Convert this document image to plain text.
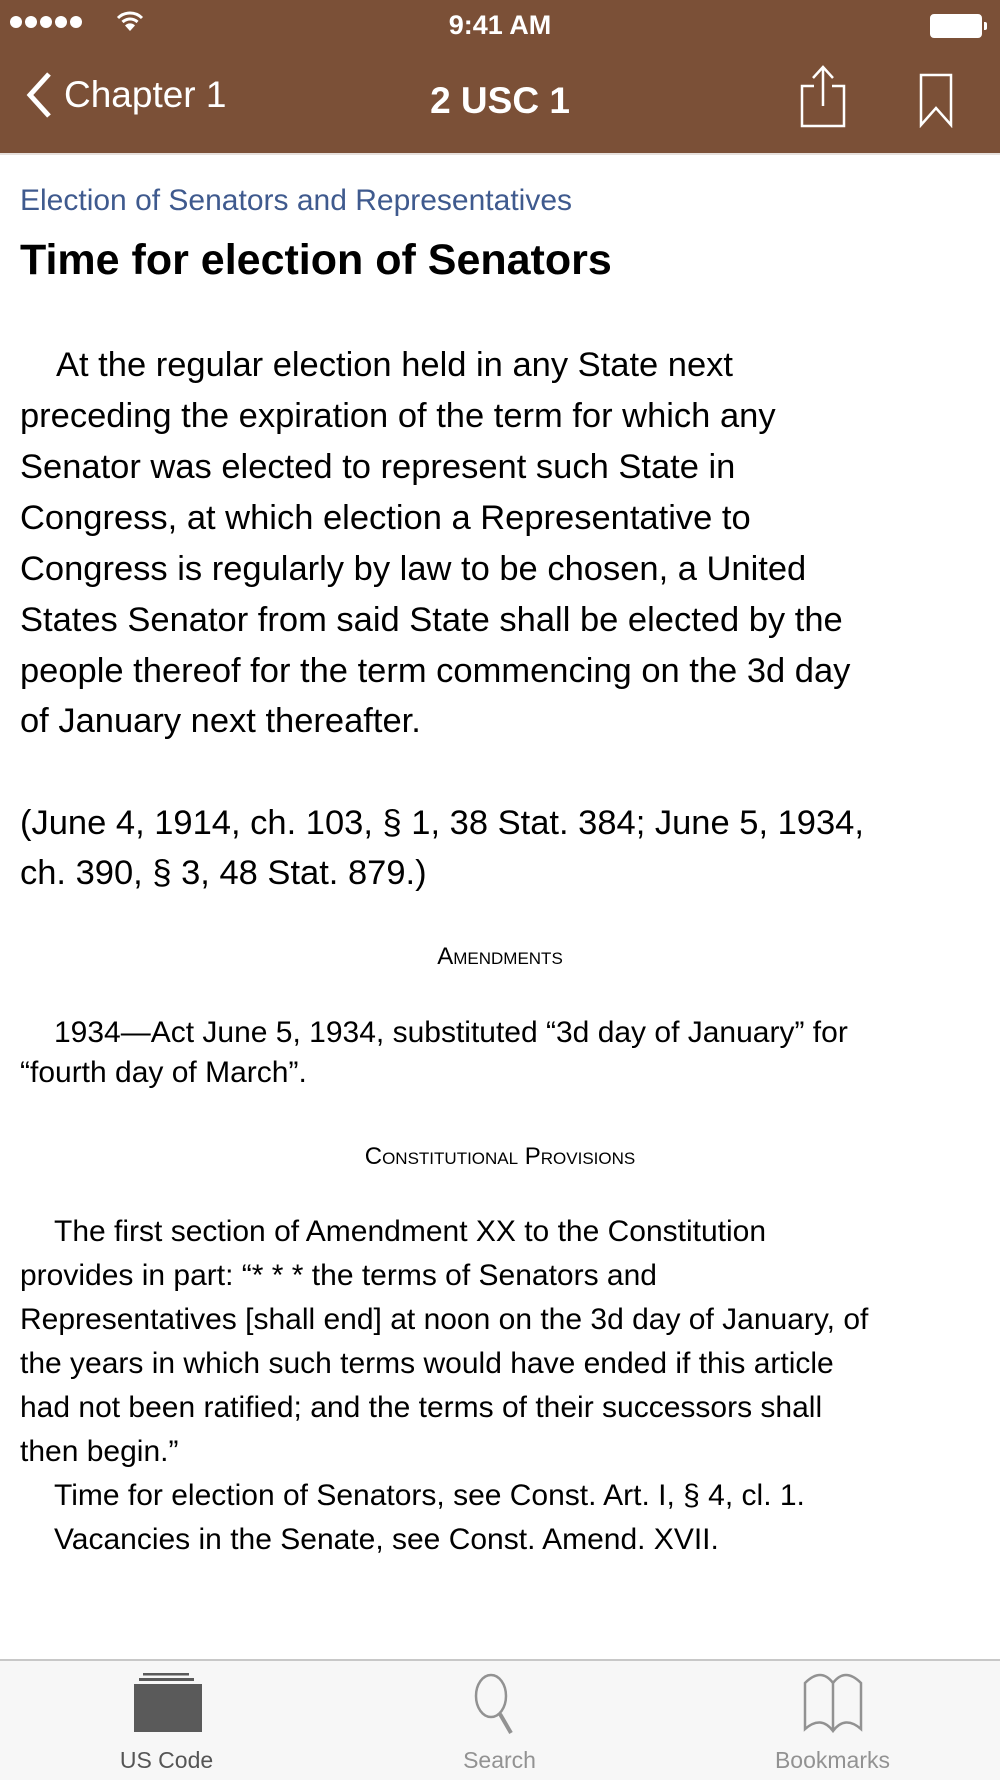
9:41 AM
Chapter 1	2 USC 1
Election of Senators and Representatives
Time for election of Senators
At the regular election held in any State next
preceding the expiration of the term for which any
Senator was elected to represent such State in
Congress, at which election a Representative to
Congress is regularly by law to be chosen, a United
States Senator from said State shall be elected by the
people thereof for the term commencing on the 3d day
of January next thereafter.
(June 4, 1914, ch. 103, § 1, 38 Stat. 384; June 5, 1934,
ch. 390, § 3, 48 Stat. 879.)
Amendments
1934—Act June 5, 1934, substituted “3d day of January” for
“fourth day of March”.
Constitutional Provisions
The first section of Amendment XX to the Constitution
provides in part: “* * * the terms of Senators and
Representatives [shall end] at noon on the 3d day of January, of
the years in which such terms would have ended if this article
had not been ratified; and the terms of their successors shall
then begin.”
Time for election of Senators, see Const. Art. I, § 4, cl. 1.
Vacancies in the Senate, see Const. Amend. XVII.
US Code	Search	Bookmarks
